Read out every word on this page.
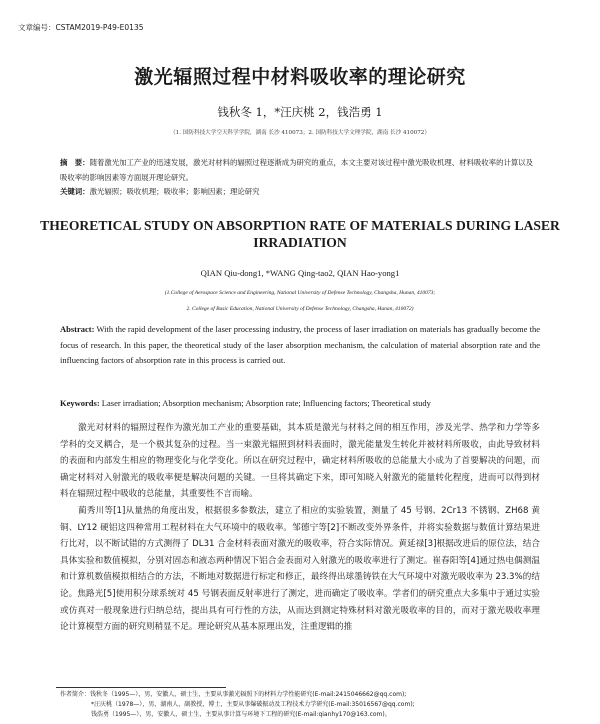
文章编号：CSTAM2019-P49-E0135
激光辐照过程中材料吸收率的理论研究
钱秋冬 1，*汪庆桃 2，钱浩勇 1
（1. 国防科技大学空天科学学院，湖南 长沙 410073；2. 国防科技大学文理学院，湖南 长沙 410072）
摘　要：随着激光加工产业的迅速发展，激光对材料的辐照过程逐渐成为研究的重点，本文主要对该过程中激光吸收机理、材料吸收率的计算以及吸收率的影响因素等方面展开理论研究。
关键词：激光辐照；吸收机理；吸收率；影响因素；理论研究
THEORETICAL STUDY ON ABSORPTION RATE OF MATERIALS DURING LASER IRRADIATION
QIAN Qiu-dong1, *WANG Qing-tao2, QIAN Hao-yong1
(1.College of Aerospace Science and Engineering, National University of Defense Technology, Changsha, Hunan, 410073;
2. College of Basic Education, National University of Defense Technology, Changsha, Hunan, 410072)
Abstract: With the rapid development of the laser processing industry, the process of laser irradiation on materials has gradually become the focus of research. In this paper, the theoretical study of the laser absorption mechanism, the calculation of material absorption rate and the influencing factors of absorption rate in this process is carried out.
Keywords: Laser irradiation; Absorption mechanism; Absorption rate; Influencing factors; Theoretical study

激光对材料的辐照过程作为激光加工产业的重要基础，其本质是激光与材料之间的相互作用，涉及光学、热学和力学等多学科的交叉耦合，是一个极其复杂的过程。当一束激光辐照到材料表面时，激光能量发生转化并被材料所吸收，由此导致材料的表面和内部发生相应的物理变化与化学变化。所以在研究过程中，确定材料所吸收的总能量大小成为了首要解决的问题，而确定材料对入射激光的吸收率便是解决问题的关键。一旦将其确定下来，即可知晓入射激光的能量转化程度，进而可以得到材料在辐照过程中吸收的总能量，其重要性不言而喻。

蔺秀川等[1]从量热的角度出发，根据很多参数法，建立了相应的实验装置，测量了 45 号钢、2Cr13 不锈钢、ZH68 黄铜、LY12 硬铝这四种常用工程材料在大气环境中的吸收率。邹德宁等[2]不断改变外界条件，并将实验数据与数值计算结果进行比对，以不断试错的方式测得了 DL31 合金材料表面对激光的吸收率，符合实际情况。黄延禄[3]根据改进后的原位法，结合具体实验和数值模拟，分别对固态和液态两种情况下铝合金表面对入射激光的吸收率进行了测定。崔春阳等[4]通过热电偶测温和计算机数值模拟相结合的方法，不断地对数据进行标定和修正，最终得出球墨铸铁在大气环境中对激光吸收率为 23.3%的结论。焦路光[5]使用积分球系统对 45 号钢表面反射率进行了测定，进而确定了吸收率。学者们的研究重点大多集中于通过实验或仿真对一般现象进行归纳总结，提出具有可行性的方法，从而达到测定特殊材料对激光吸收率的目的，而对于激光吸收率理论计算模型方面的研究则稍显不足。理论研究从基本原理出发，注重逻辑的推

作者简介：钱秋冬（1995—），男，安徽人，硕士生，主要从事激光辐照下的材料力学性能研究(E-mail:2415046662@qq.com);
*汪庆桃（1978—），男，湖南人，副教授，博士，主要从事爆破振动及工程技术力学研究(E-mail:35016567@qq.com);
钱浩勇（1995—），男，安徽人，硕士生，主要从事计算与环境下工程的研究(E-mail:qianhy170@163.com)。
